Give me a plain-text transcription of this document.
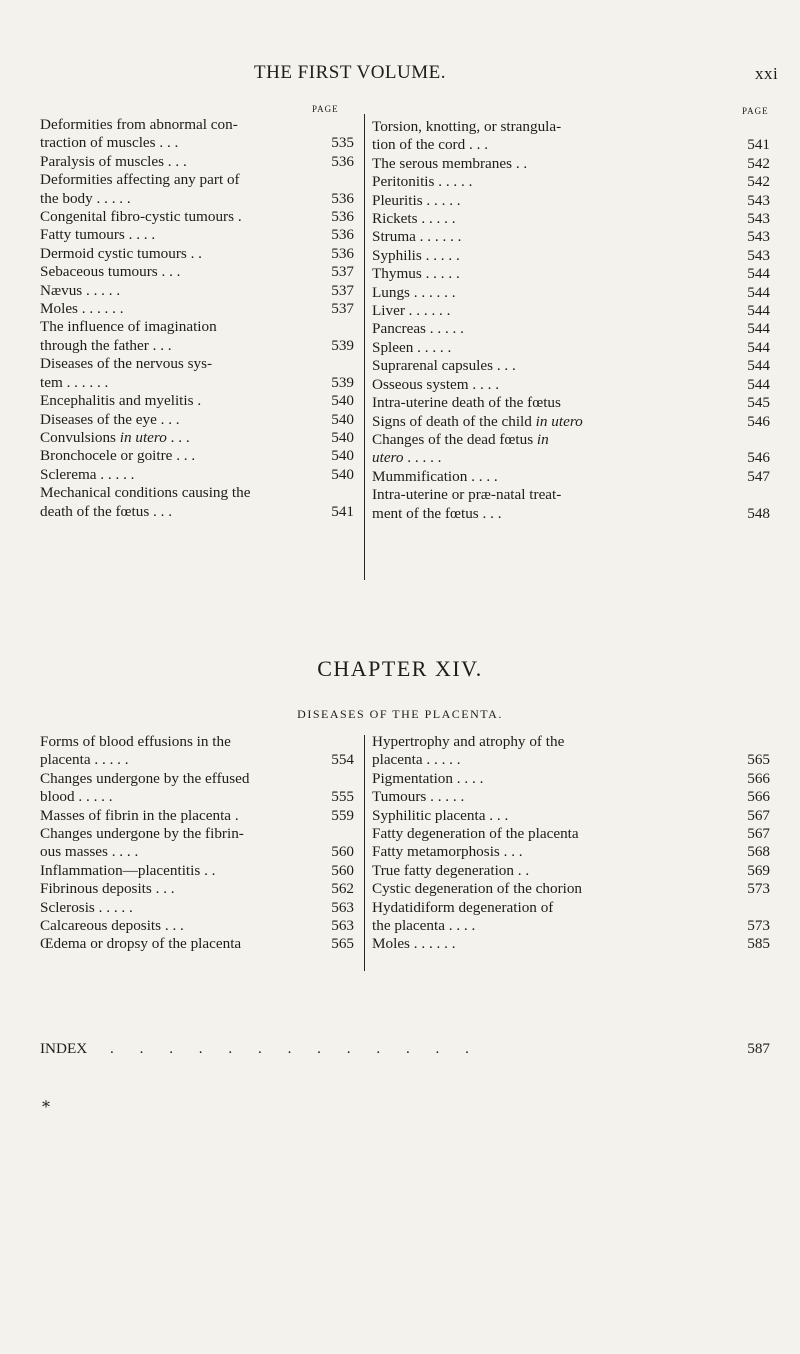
THE FIRST VOLUME.	xxi
PAGE	PAGE
Deformities from abnormal con-
traction of muscles . . .	535
Paralysis of muscles . . .	536
Deformities affecting any part of
the body . . . . .	536
Congenital fibro-cystic tumours .	536
Fatty tumours . . . .	536
Dermoid cystic tumours . .	536
Sebaceous tumours . . .	537
Nævus . . . . .	537
Moles . . . . . .	537
The influence of imagination
through the father . . .	539
Diseases of the nervous sys-
tem . . . . . .	539
Encephalitis and myelitis .	540
Diseases of the eye . . .	540
Convulsions in utero . . .	540
Bronchocele or goitre . . .	540
Sclerema . . . . .	540
Mechanical conditions causing the
death of the fœtus . . .	541
Torsion, knotting, or strangula-
tion of the cord . . .	541
The serous membranes . .	542
Peritonitis . . . . .	542
Pleuritis . . . . .	543
Rickets . . . . .	543
Struma . . . . . .	543
Syphilis . . . . .	543
Thymus . . . . .	544
Lungs . . . . . .	544
Liver . . . . . .	544
Pancreas . . . . .	544
Spleen . . . . .	544
Suprarenal capsules . . .	544
Osseous system . . . .	544
Intra-uterine death of the fœtus	545
Signs of death of the child in utero	546
Changes of the dead fœtus in
utero . . . . .	546
Mummification . . . .	547
Intra-uterine or præ-natal treat-
ment of the fœtus . . .	548
CHAPTER XIV.
DISEASES OF THE PLACENTA.
Forms of blood effusions in the
placenta . . . . .	554
Changes undergone by the effused
blood . . . . .	555
Masses of fibrin in the placenta .	559
Changes undergone by the fibrin-
ous masses . . . .	560
Inflammation—placentitis . .	560
Fibrinous deposits . . .	562
Sclerosis . . . . .	563
Calcareous deposits . . .	563
Œdema or dropsy of the placenta	565
Hypertrophy and atrophy of the
placenta . . . . .	565
Pigmentation . . . .	566
Tumours . . . . .	566
Syphilitic placenta . . .	567
Fatty degeneration of the placenta	567
Fatty metamorphosis . . .	568
True fatty degeneration . .	569
Cystic degeneration of the chorion	573
Hydatidiform degeneration of
the placenta . . . .	573
Moles . . . . . .	585
INDEX . . . . . . . . . . . . .	587
⁎
